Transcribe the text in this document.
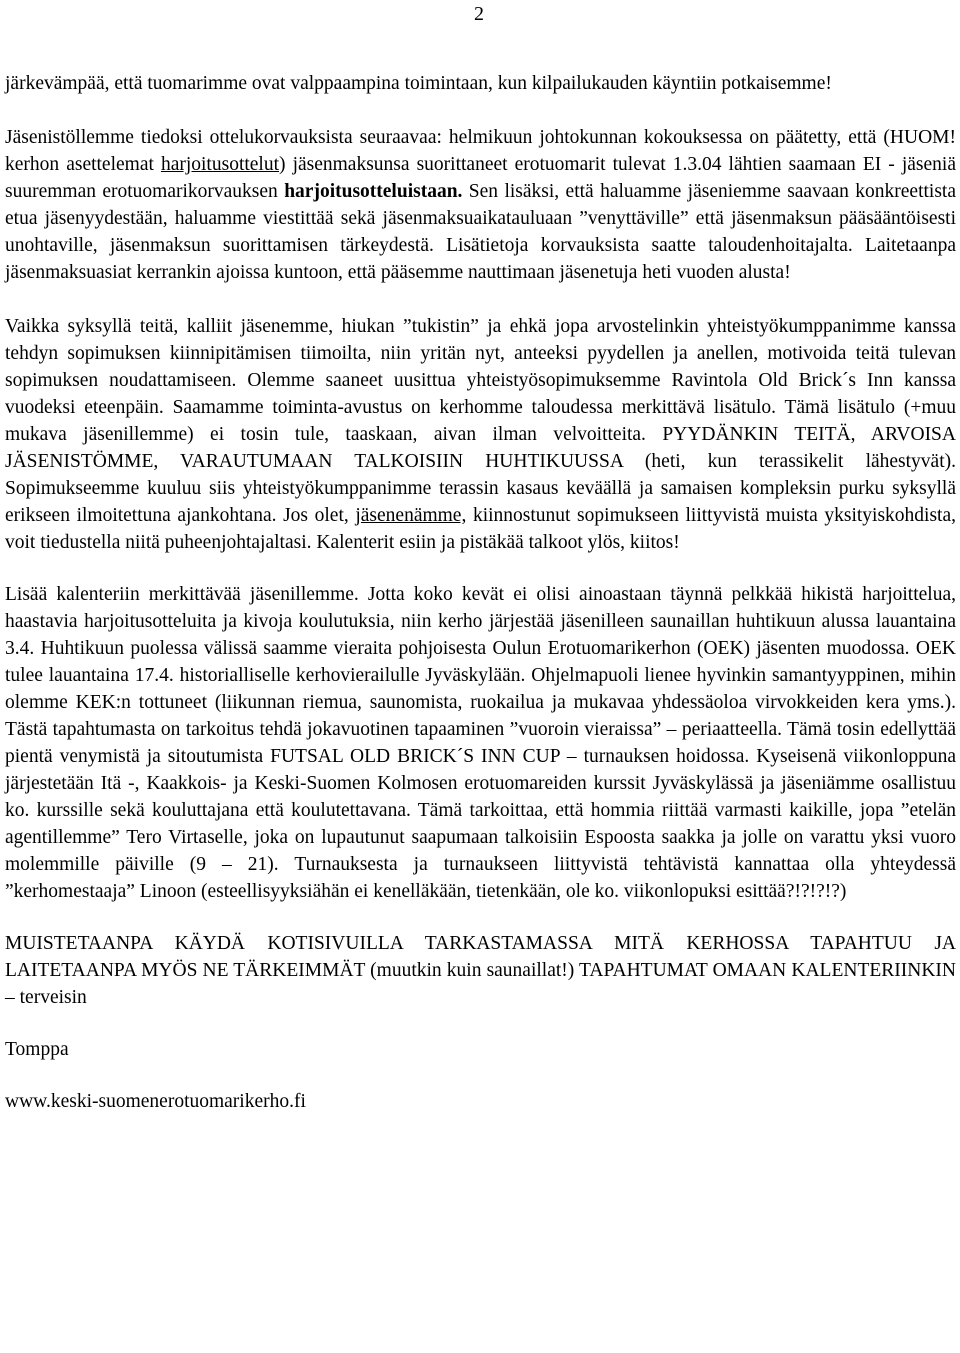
2

järkevämpää, että tuomarimme ovat valppaampina toimintaan, kun kilpailukauden käyntiin potkaisemme!

Jäsenistöllemme tiedoksi ottelukorvauksista seuraavaa: helmikuun johtokunnan kokouksessa on päätetty, että (HUOM! kerhon asettelemat harjoitusottelut) jäsenmaksunsa suorittaneet erotuomarit tulevat 1.3.04 lähtien saamaan EI - jäseniä suuremman erotuomarikorvauksen harjoitusotteluistaan. Sen lisäksi, että haluamme jäseniemme saavaan konkreettista etua jäsenyydestään, haluamme viestittää sekä jäsenmaksuaikatauluaan ”venyttäville” että jäsenmaksun pääsääntöisesti unohtaville, jäsenmaksun suorittamisen tärkeydestä. Lisätietoja korvauksista saatte taloudenhoitajalta. Laitetaanpa jäsenmaksuasiat kerrankin ajoissa kuntoon, että pääsemme nauttimaan jäsenetuja heti vuoden alusta!

Vaikka syksyllä teitä, kalliit jäsenemme, hiukan ”tukistin” ja ehkä jopa arvostelinkin yhteistyökumppanimme kanssa tehdyn sopimuksen kiinnipitämisen tiimoilta, niin yritän nyt, anteeksi pyydellen ja anellen, motivoida teitä tulevan sopimuksen noudattamiseen. Olemme saaneet uusittua yhteistyösopimuksemme Ravintola Old Brick´s Inn kanssa vuodeksi eteenpäin. Saamamme toiminta-avustus on kerhomme taloudessa merkittävä lisätulo. Tämä lisätulo (+muu mukava jäsenillemme) ei tosin tule, taaskaan, aivan ilman velvoitteita. PYYDÄNKIN TEITÄ, ARVOISA JÄSENISTÖMME, VARAUTUMAAN TALKOISIIN HUHTIKUUSSA (heti, kun terassikelit lähestyvät). Sopimukseemme kuuluu siis yhteistyökumppanimme terassin kasaus keväällä ja samaisen kompleksin purku syksyllä erikseen ilmoitettuna ajankohtana. Jos olet, jäsenenämme, kiinnostunut sopimukseen liittyvistä muista yksityiskohdista, voit tiedustella niitä puheenjohtajaltasi. Kalenterit esiin ja pistäkää talkoot ylös, kiitos!

Lisää kalenteriin merkittävää jäsenillemme. Jotta koko kevät ei olisi ainoastaan täynnä pelkkää hikistä harjoittelua, haastavia harjoitusotteluita ja kivoja koulutuksia, niin kerho järjestää jäsenilleen saunaillan huhtikuun alussa lauantaina 3.4. Huhtikuun puolessa välissä saamme vieraita pohjoisesta Oulun Erotuomarikerhon (OEK) jäsenten muodossa. OEK tulee lauantaina 17.4. historialliselle kerhovierailulle Jyväskylään. Ohjelmapuoli lienee hyvinkin samantyyppinen, mihin olemme KEK:n tottuneet (liikunnan riemua, saunomista, ruokailua ja mukavaa yhdessäoloa virvokkeiden kera yms.). Tästä tapahtumasta on tarkoitus tehdä jokavuotinen tapaaminen ”vuoroin vieraissa” – periaatteella. Tämä tosin edellyttää pientä venymistä ja sitoutumista FUTSAL OLD BRICK´S INN CUP – turnauksen hoidossa. Kyseisenä viikonloppuna järjestetään Itä -, Kaakkois- ja Keski-Suomen Kolmosen erotuomareiden kurssit Jyväskylässä ja jäseniämme osallistuu ko. kurssille sekä kouluttajana että koulutettavana. Tämä tarkoittaa, että hommia riittää varmasti kaikille, jopa ”etelän agentillemme” Tero Virtaselle, joka on lupautunut saapumaan talkoisiin Espoosta saakka ja jolle on varattu yksi vuoro molemmille päiville (9 – 21). Turnauksesta ja turnaukseen liittyvistä tehtävistä kannattaa olla yhteydessä ”kerhomestaaja” Linoon (esteellisyyksiähän ei kenelläkään, tietenkään, ole ko. viikonlopuksi esittää?!?!?!?)

MUISTETAANPA KÄYDÄ KOTISIVUILLA TARKASTAMASSA MITÄ KERHOSSA TAPAHTUU JA LAITETAANPA MYÖS NE TÄRKEIMMÄT (muutkin kuin saunaillat!) TAPAHTUMAT OMAAN KALENTERIINKIN – terveisin

Tomppa

www.keski-suomenerotuomarikerho.fi
